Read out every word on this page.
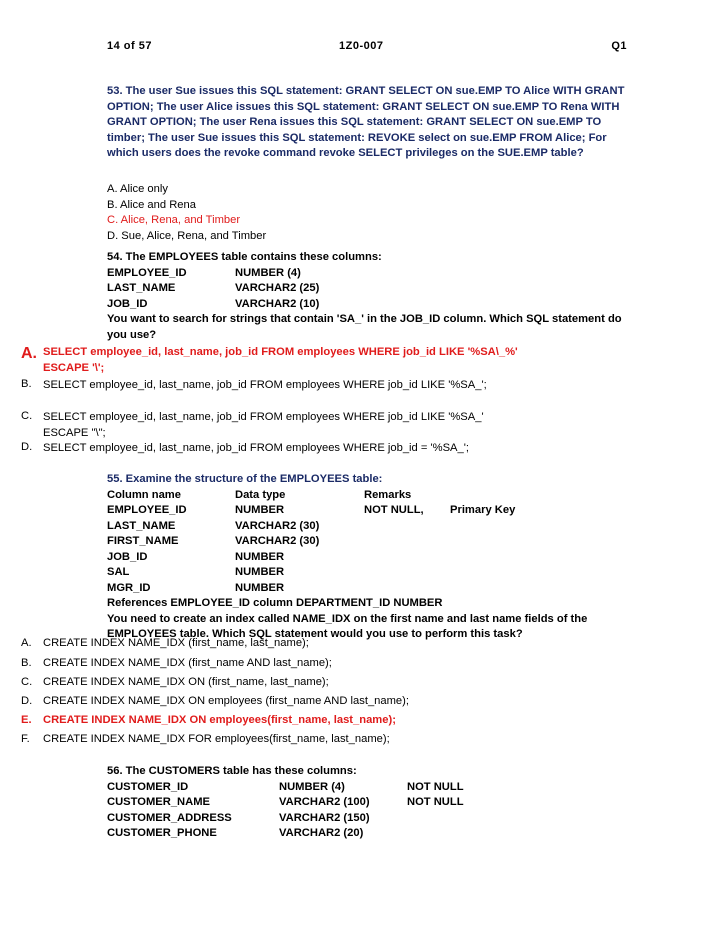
14 of 57	1Z0-007	Q1
53. The user Sue issues this SQL statement: GRANT SELECT ON sue.EMP TO Alice WITH GRANT OPTION; The user Alice issues this SQL statement: GRANT SELECT ON sue.EMP TO Rena WITH GRANT OPTION; The user Rena issues this SQL statement: GRANT SELECT ON sue.EMP TO timber; The user Sue issues this SQL statement: REVOKE select on sue.EMP FROM Alice; For which users does the revoke command revoke SELECT privileges on the SUE.EMP table?

A. Alice only

B. Alice and Rena

C. Alice, Rena, and Timber

D. Sue, Alice, Rena, and Timber

54. The EMPLOYEES table contains these columns:

EMPLOYEE_ID	NUMBER (4)
LAST_NAME	VARCHAR2 (25)
JOB_ID	VARCHAR2 (10)

You want to search for strings that contain 'SA_' in the JOB_ID column. Which SQL statement do you use?

A. SELECT employee_id, last_name, job_id FROM employees WHERE job_id LIKE '%SA\_%' ESCAPE '\';
B. SELECT employee_id, last_name, job_id FROM employees WHERE job_id LIKE '%SA_';
C. SELECT employee_id, last_name, job_id FROM employees WHERE job_id LIKE '%SA_' ESCAPE "\";
D. SELECT employee_id, last_name, job_id FROM employees WHERE job_id = '%SA_';

55. Examine the structure of the EMPLOYEES table:

Column name	Data type	Remarks
EMPLOYEE_ID	NUMBER	NOT NULL, Primary Key
LAST_NAME	VARCHAR2 (30)
FIRST_NAME	VARCHAR2 (30)
JOB_ID	NUMBER
SAL	NUMBER
MGR_ID	NUMBER

References EMPLOYEE_ID column DEPARTMENT_ID NUMBER

You need to create an index called NAME_IDX on the first name and last name fields of the EMPLOYEES table. Which SQL statement would you use to perform this task?

A. CREATE INDEX NAME_IDX (first_name, last_name);
B. CREATE INDEX NAME_IDX (first_name AND last_name);
C. CREATE INDEX NAME_IDX ON (first_name, last_name);
D. CREATE INDEX NAME_IDX ON employees (first_name AND last_name);
E. CREATE INDEX NAME_IDX ON employees(first_name, last_name);
F. CREATE INDEX NAME_IDX FOR employees(first_name, last_name);

56. The CUSTOMERS table has these columns:

CUSTOMER_ID	NUMBER (4)	NOT NULL
CUSTOMER_NAME	VARCHAR2 (100)	NOT NULL
CUSTOMER_ADDRESS	VARCHAR2 (150)
CUSTOMER_PHONE	VARCHAR2 (20)
